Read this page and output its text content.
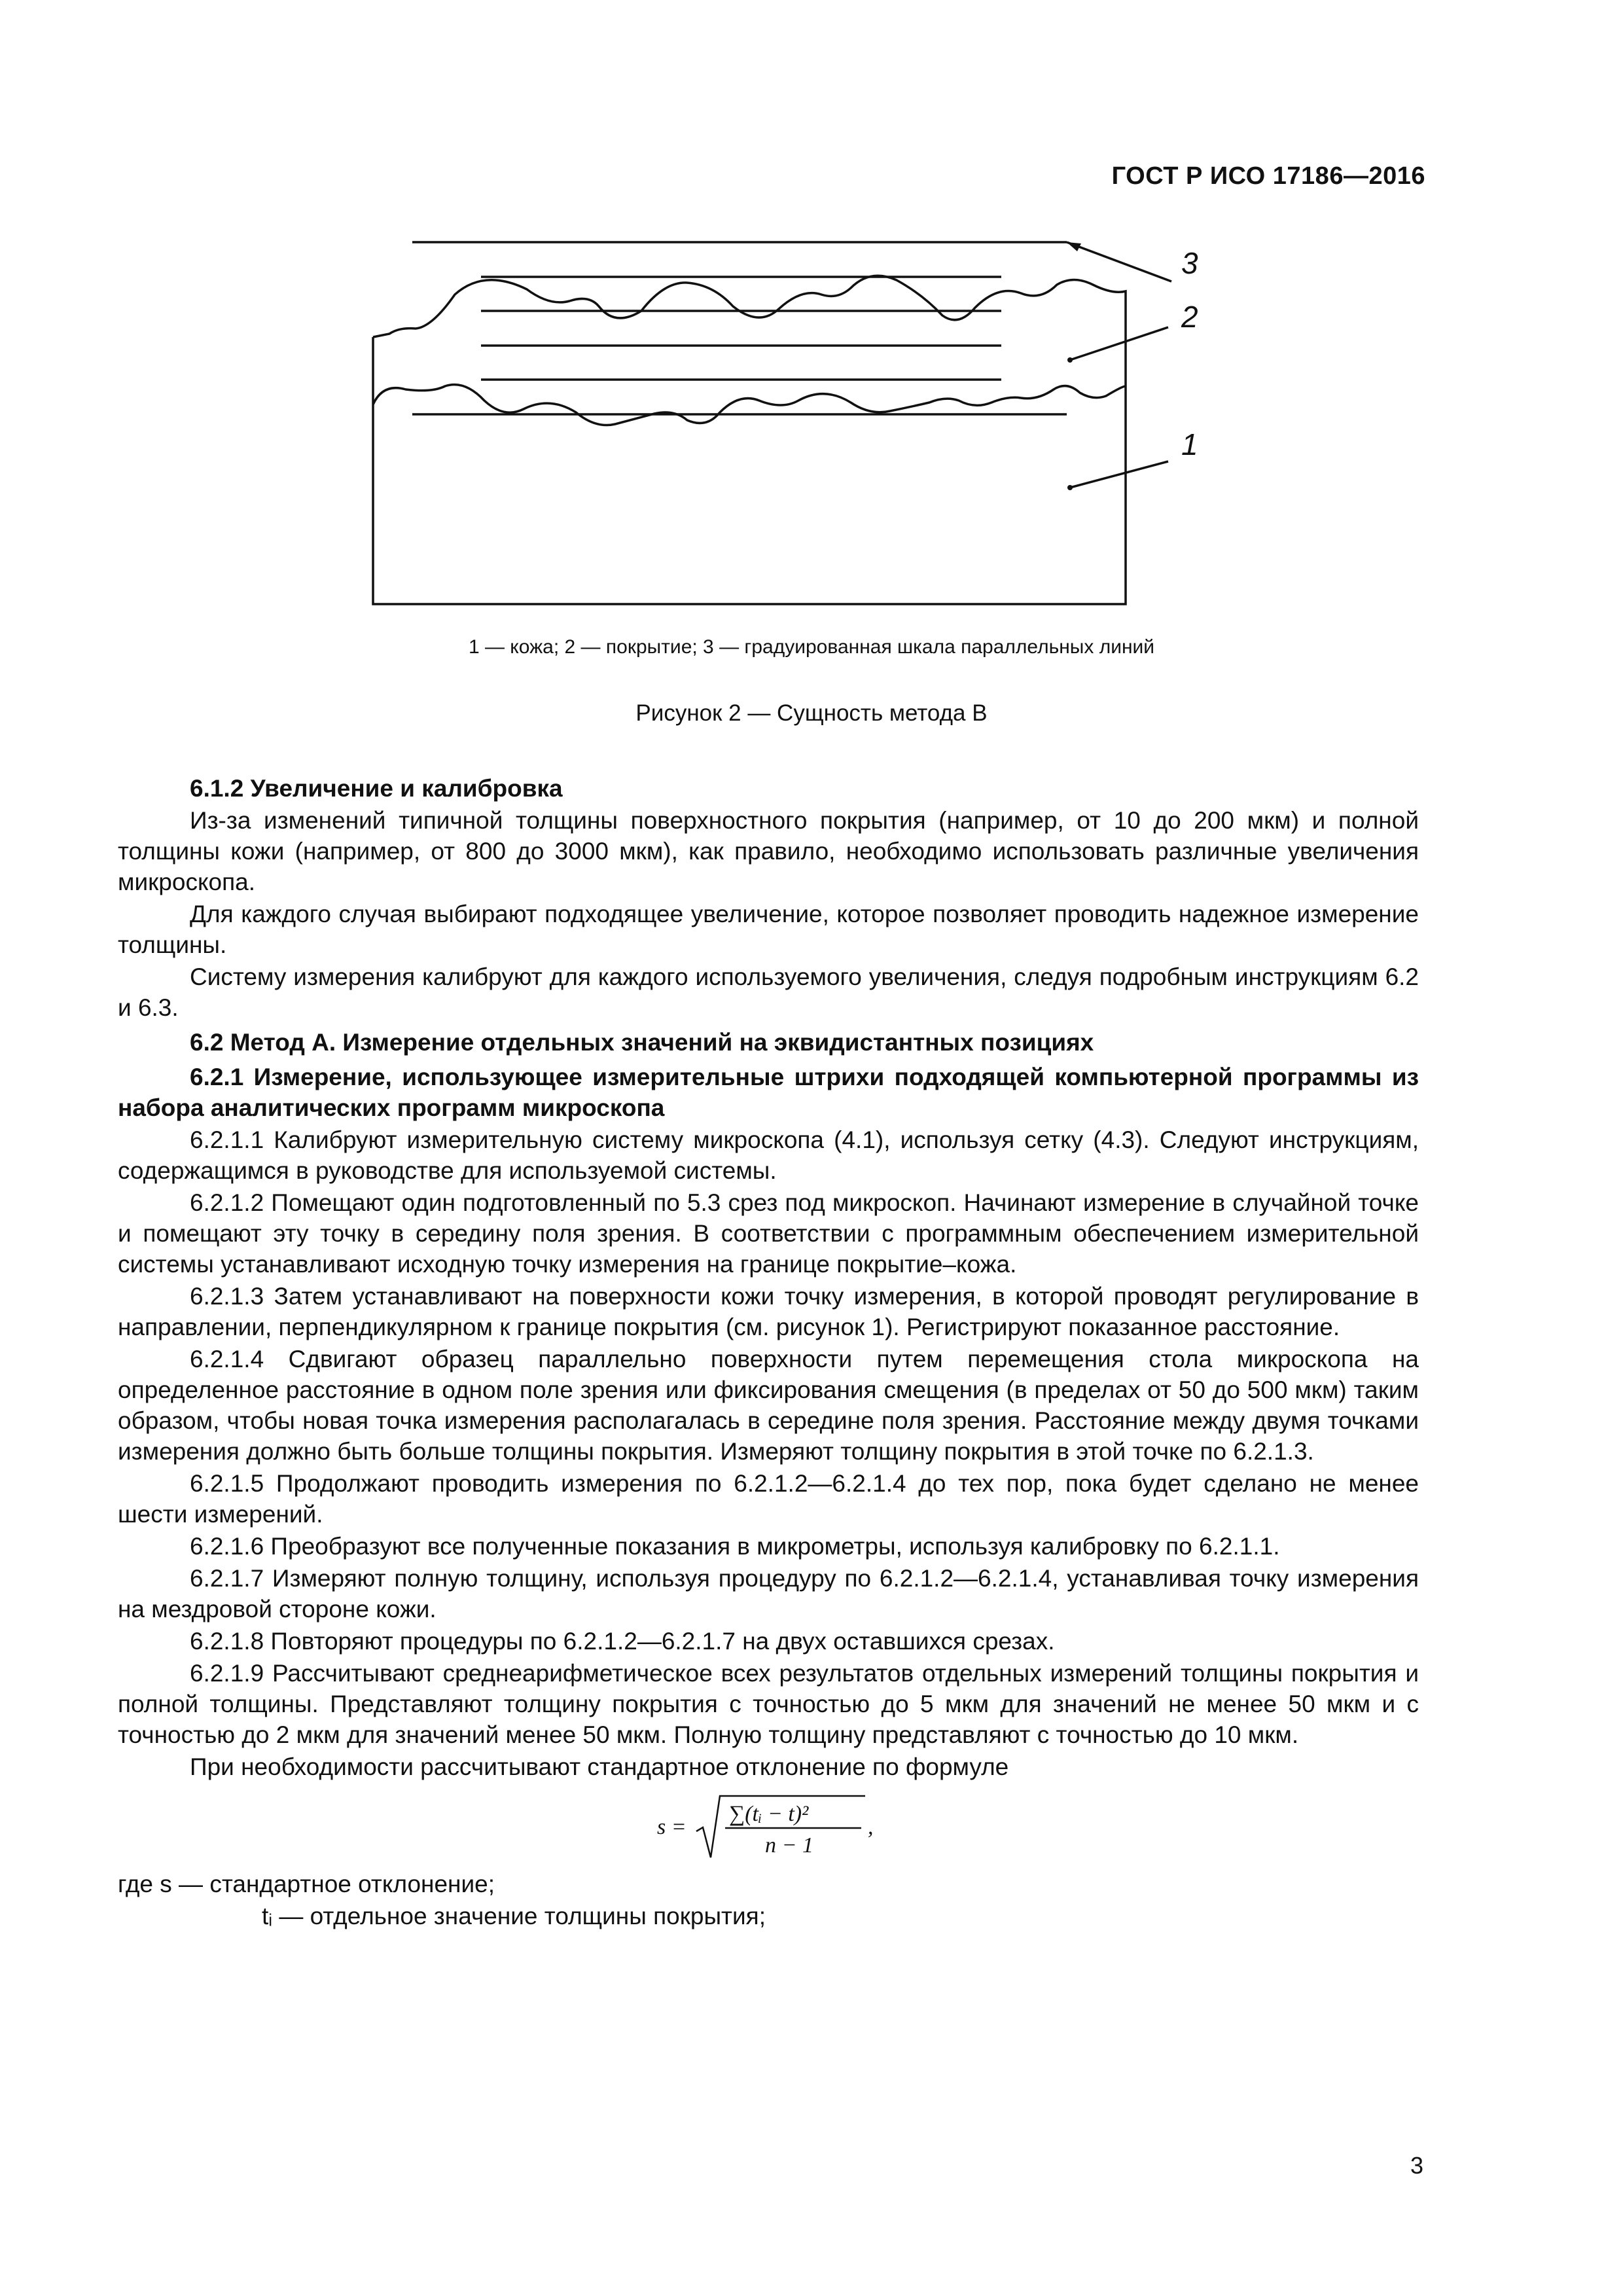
ГОСТ Р ИСО 17186—2016
3
2
1
1 — кожа; 2 — покрытие; 3 — градуированная шкала параллельных линий
Рисунок 2 — Сущность метода В

6.1.2 Увеличение и калибровка

Из-за изменений типичной толщины поверхностного покрытия (например, от 10 до 200 мкм) и полной толщины кожи (например, от 800 до 3000 мкм), как правило, необходимо использовать различные увеличения микроскопа.

Для каждого случая выбирают подходящее увеличение, которое позволяет проводить надежное измерение толщины.

Систему измерения калибруют для каждого используемого увеличения, следуя подробным инструкциям 6.2 и 6.3.

6.2 Метод А. Измерение отдельных значений на эквидистантных позициях

6.2.1 Измерение, использующее измерительные штрихи подходящей компьютерной программы из набора аналитических программ микроскопа

6.2.1.1 Калибруют измерительную систему микроскопа (4.1), используя сетку (4.3). Следуют инструкциям, содержащимся в руководстве для используемой системы.

6.2.1.2 Помещают один подготовленный по 5.3 срез под микроскоп. Начинают измерение в случайной точке и помещают эту точку в середину поля зрения. В соответствии с программным обеспечением измерительной системы устанавливают исходную точку измерения на границе покрытие–кожа.

6.2.1.3 Затем устанавливают на поверхности кожи точку измерения, в которой проводят регулирование в направлении, перпендикулярном к границе покрытия (см. рисунок 1). Регистрируют показанное расстояние.

6.2.1.4 Сдвигают образец параллельно поверхности путем перемещения стола микроскопа на определенное расстояние в одном поле зрения или фиксирования смещения (в пределах от 50 до 500 мкм) таким образом, чтобы новая точка измерения располагалась в середине поля зрения. Расстояние между двумя точками измерения должно быть больше толщины покрытия. Измеряют толщину покрытия в этой точке по 6.2.1.3.

6.2.1.5 Продолжают проводить измерения по 6.2.1.2—6.2.1.4 до тех пор, пока будет сделано не менее шести измерений.

6.2.1.6 Преобразуют все полученные показания в микрометры, используя калибровку по 6.2.1.1.

6.2.1.7 Измеряют полную толщину, используя процедуру по 6.2.1.2—6.2.1.4, устанавливая точку измерения на мездровой стороне кожи.

6.2.1.8 Повторяют процедуры по 6.2.1.2—6.2.1.7 на двух оставшихся срезах.

6.2.1.9 Рассчитывают среднеарифметическое всех результатов отдельных измерений толщины покрытия и полной толщины. Представляют толщину покрытия с точностью до 5 мкм для значений не менее 50 мкм и с точностью до 2 мкм для значений менее 50 мкм. Полную толщину представляют с точностью до 10 мкм.

При необходимости рассчитывают стандартное отклонение по формуле

s =
∑(tᵢ − t)²
n − 1
,

где s — стандартное отклонение;

tᵢ — отдельное значение толщины покрытия;

3
